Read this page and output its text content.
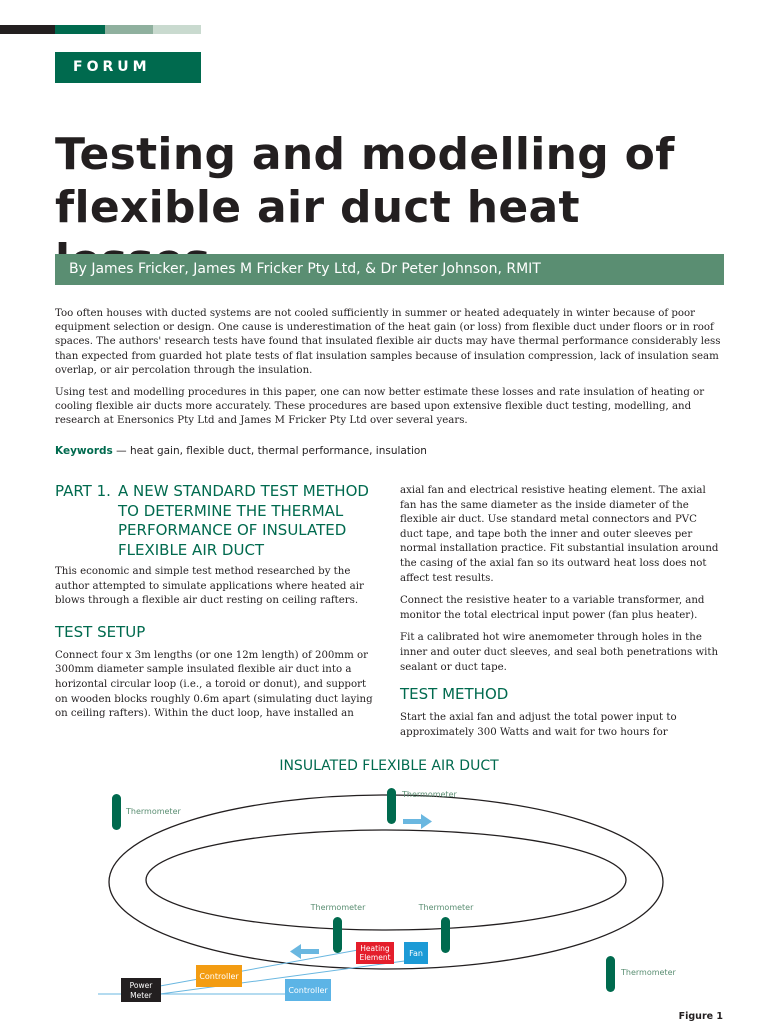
FORUM
Testing and modelling of
flexible air duct heat
By James Fricker, James M Fricker Pty Ltd, & Dr Peter Johnson, RMIT

Too often houses with ducted systems are not cooled sufficiently in summer or heated adequately in winter because of poor equipment selection or design. One cause is underestimation of the heat gain (or loss) from flexible duct under floors or in roof spaces. The authors' research tests have found that insulated flexible air ducts may have thermal performance considerably less than expected from guarded hot plate tests of flat insulation samples because of insulation compression, lack of insulation seam overlap, or air percolation through the insulation.

Using test and modelling procedures in this paper, one can now better estimate these losses and rate insulation of heating or cooling flexible air ducts more accurately. These procedures are based upon extensive flexible duct testing, modelling, and research at Enersonics Pty Ltd and James M Fricker Pty Ltd over several years.

Keywords — heat gain, flexible duct, thermal performance, insulation
PART 1. A NEW STANDARD TEST METHOD TO DETERMINE THE THERMAL PERFORMANCE OF INSULATED FLEXIBLE AIR DUCT

This economic and simple test method researched by the author attempted to simulate applications where heated air blows through a flexible air duct resting on ceiling rafters.

TEST SETUP

Connect four x 3m lengths (or one 12m length) of 200mm or 300mm diameter sample insulated flexible air duct into a horizontal circular loop (i.e., a toroid or donut), and support on wooden blocks roughly 0.6m apart (simulating duct laying on ceiling rafters). Within the duct loop, have installed an

axial fan and electrical resistive heating element. The axial fan has the same diameter as the inside diameter of the flexible air duct. Use standard metal connectors and PVC duct tape, and tape both the inner and outer sleeves per normal installation practice. Fit substantial insulation around the casing of the axial fan so its outward heat loss does not affect test results.

Connect the resistive heater to a variable transformer, and monitor the total electrical input power (fan plus heater).

Fit a calibrated hot wire anemometer through holes in the inner and outer duct sleeves, and seal both penetrations with sealant or duct tape.

TEST METHOD

Start the axial fan and adjust the total power input to approximately 300 Watts and wait for two hours for

INSULATED FLEXIBLE AIR DUCT
Thermometer
Thermometer
Thermometer	Thermometer
Thermometer
Heating
Element Fan
Controller
Controller
Power
Meter
Figure 1
